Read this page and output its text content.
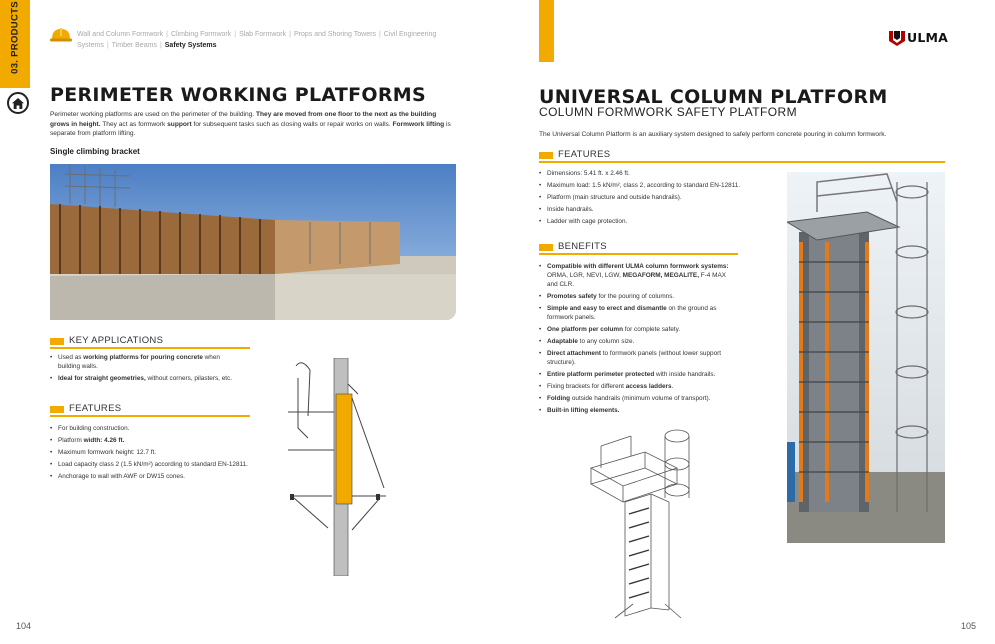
03. PRODUCTS	Wall and Column Formwork | Climbing Formwork | Slab Formwork | Props and Shoring Towers | Civil Engineering Systems | Timber Beams | Safety Systems
PERIMETER WORKING PLATFORMS
Perimeter working platforms are used on the perimeter of the building. They are moved from one floor to the next as the building grows in height. They act as formwork support for subsequent tasks such as closing walls or repair works on walls. Formwork lifting is separate from platform lifting.
Single climbing bracket
KEY APPLICATIONS
• Used as working platforms for pouring concrete when building walls.
• Ideal for straight geometries, without corners, pilasters, etc.
FEATURES
• For building construction.
• Platform width: 4.26 ft.
• Maximum formwork height: 12.7 ft.
• Load capacity class 2 (1.5 kN/m²) according to standard EN-12811.
• Anchorage to wall with AWF or DW15 cones.
104
ULMA
UNIVERSAL COLUMN PLATFORM
COLUMN FORMWORK SAFETY PLATFORM
The Universal Column Platform is an auxiliary system designed to safely perform concrete pouring in column formwork.
FEATURES
• Dimensions: 5.41 ft. x 2.46 ft.
• Maximum load: 1.5 kN/m², class 2, according to standard EN-12811.
• Platform (main structure and outside handrails).
• Inside handrails.
• Ladder with cage protection.
BENEFITS
• Compatible with different ULMA column formwork systems: ORMA, LGR, NEVI, LGW, MEGAFORM, MEGALITE, F-4 MAX and CLR.
• Promotes safety for the pouring of columns.
• Simple and easy to erect and dismantle on the ground as formwork panels.
• One platform per column for complete safety.
• Adaptable to any column size.
• Direct attachment to formwork panels (without lower support structure).
• Entire platform perimeter protected with inside handrails.
• Fixing brackets for different access ladders.
• Folding outside handrails (minimum volume of transport).
• Built-in lifting elements.
105
